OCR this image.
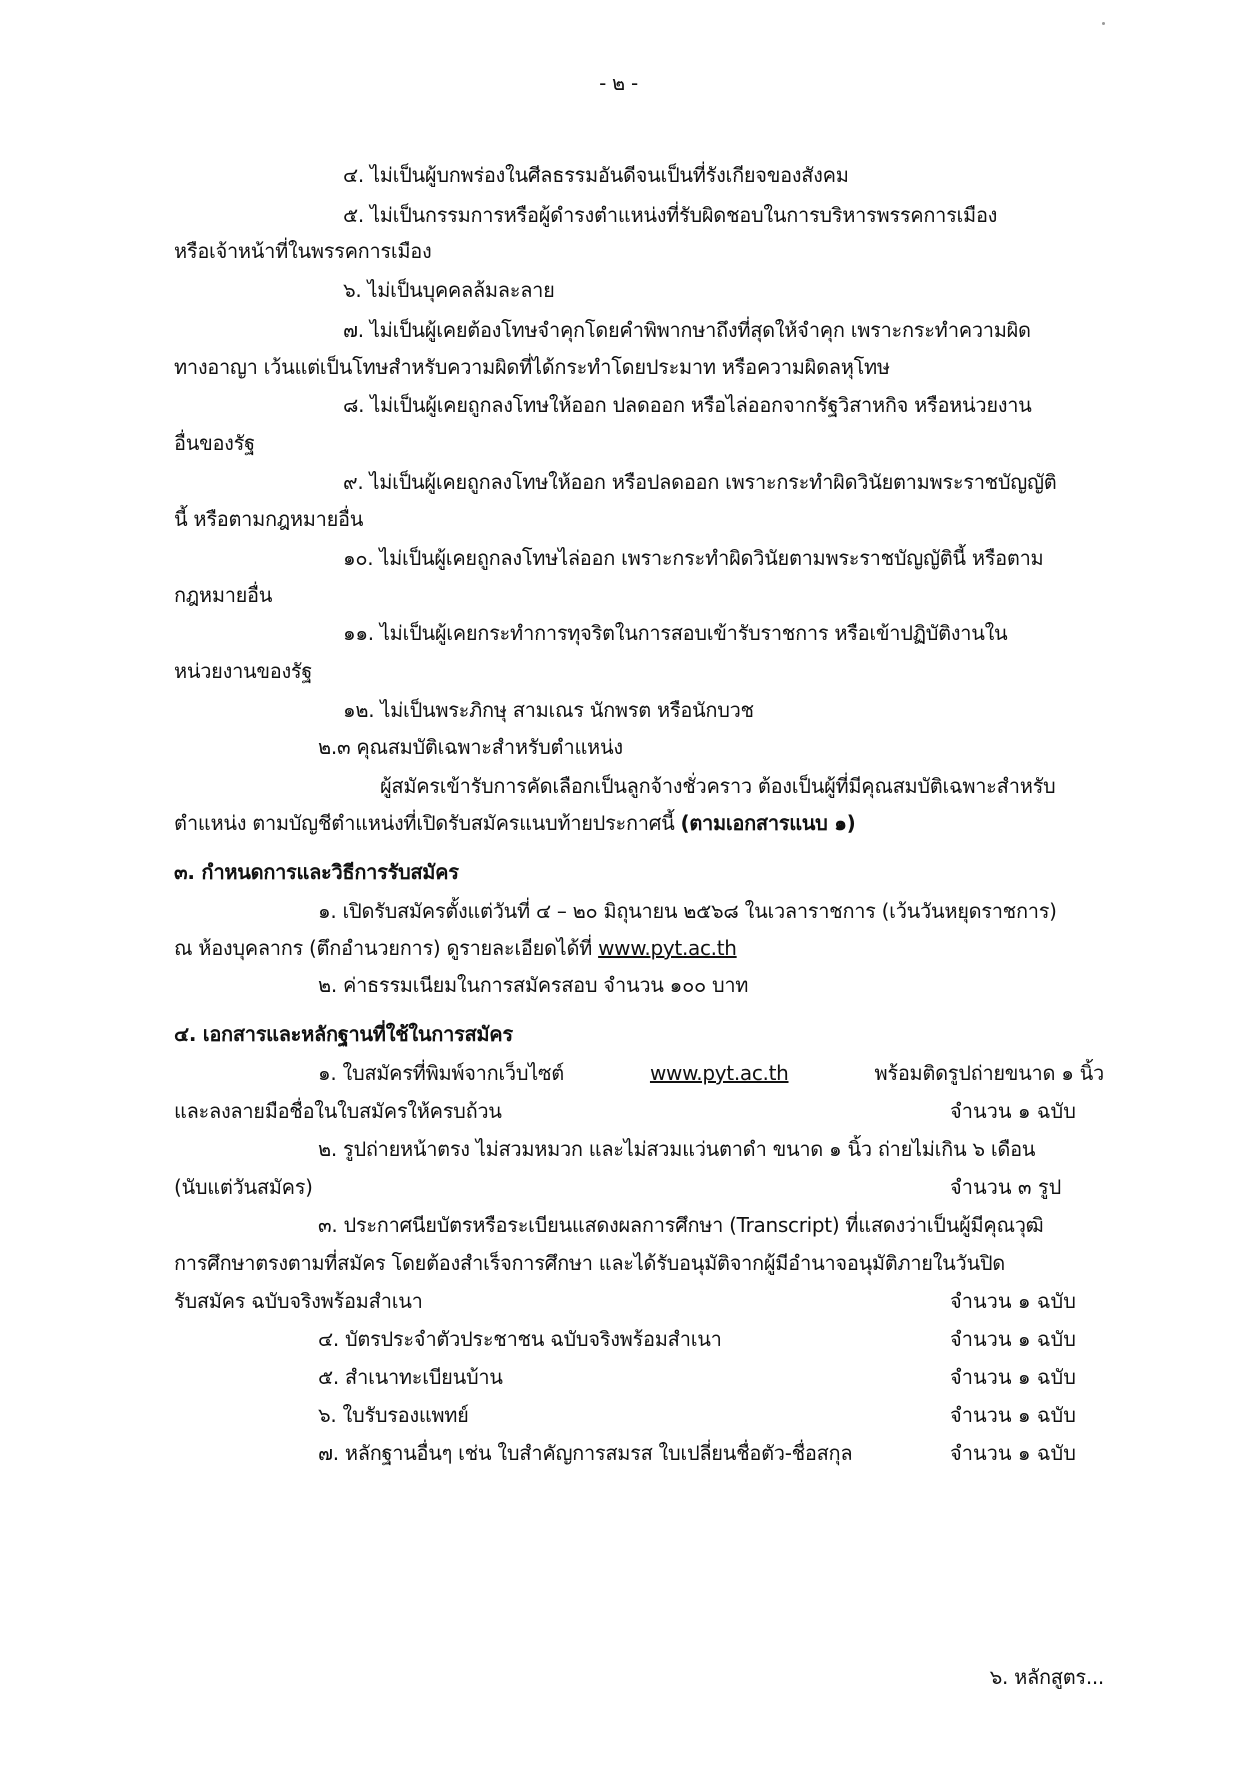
- ๒ -
๔. ไม่เป็นผู้บกพร่องในศีลธรรมอันดีจนเป็นที่รังเกียจของสังคม
๕. ไม่เป็นกรรมการหรือผู้ดำรงตำแหน่งที่รับผิดชอบในการบริหารพรรคการเมือง
หรือเจ้าหน้าที่ในพรรคการเมือง
๖. ไม่เป็นบุคคลล้มละลาย
๗. ไม่เป็นผู้เคยต้องโทษจำคุกโดยคำพิพากษาถึงที่สุดให้จำคุก เพราะกระทำความผิด
ทางอาญา เว้นแต่เป็นโทษสำหรับความผิดที่ได้กระทำโดยประมาท หรือความผิดลหุโทษ
๘. ไม่เป็นผู้เคยถูกลงโทษให้ออก ปลดออก หรือไล่ออกจากรัฐวิสาหกิจ หรือหน่วยงาน
อื่นของรัฐ
๙. ไม่เป็นผู้เคยถูกลงโทษให้ออก หรือปลดออก เพราะกระทำผิดวินัยตามพระราชบัญญัติ
นี้ หรือตามกฎหมายอื่น
๑๐. ไม่เป็นผู้เคยถูกลงโทษไล่ออก เพราะกระทำผิดวินัยตามพระราชบัญญัตินี้ หรือตาม
กฎหมายอื่น
๑๑. ไม่เป็นผู้เคยกระทำการทุจริตในการสอบเข้ารับราชการ หรือเข้าปฏิบัติงานใน
หน่วยงานของรัฐ
๑๒. ไม่เป็นพระภิกษุ สามเณร นักพรต หรือนักบวช
๒.๓ คุณสมบัติเฉพาะสำหรับตำแหน่ง
ผู้สมัครเข้ารับการคัดเลือกเป็นลูกจ้างชั่วคราว ต้องเป็นผู้ที่มีคุณสมบัติเฉพาะสำหรับ
ตำแหน่ง ตามบัญชีตำแหน่งที่เปิดรับสมัครแนบท้ายประกาศนี้ (ตามเอกสารแนบ ๑)
๓. กำหนดการและวิธีการรับสมัคร
๑. เปิดรับสมัครตั้งแต่วันที่ ๔ – ๒๐ มิถุนายน ๒๕๖๘ ในเวลาราชการ (เว้นวันหยุดราชการ)
ณ ห้องบุคลากร (ตึกอำนวยการ) ดูรายละเอียดได้ที่ www.pyt.ac.th
๒. ค่าธรรมเนียมในการสมัครสอบ จำนวน ๑๐๐ บาท
๔. เอกสารและหลักฐานที่ใช้ในการสมัคร
๑. ใบสมัครที่พิมพ์จากเว็บไซต์	www.pyt.ac.th	พร้อมติดรูปถ่ายขนาด ๑ นิ้ว
และลงลายมือชื่อในใบสมัครให้ครบถ้วน	จำนวน ๑ ฉบับ
๒. รูปถ่ายหน้าตรง ไม่สวมหมวก และไม่สวมแว่นตาดำ ขนาด ๑ นิ้ว ถ่ายไม่เกิน ๖ เดือน
(นับแต่วันสมัคร)	จำนวน ๓ รูป
๓. ประกาศนียบัตรหรือระเบียนแสดงผลการศึกษา (Transcript) ที่แสดงว่าเป็นผู้มีคุณวุฒิ
การศึกษาตรงตามที่สมัคร โดยต้องสำเร็จการศึกษา และได้รับอนุมัติจากผู้มีอำนาจอนุมัติภายในวันปิด
รับสมัคร ฉบับจริงพร้อมสำเนา	จำนวน ๑ ฉบับ
๔. บัตรประจำตัวประชาชน ฉบับจริงพร้อมสำเนา	จำนวน ๑ ฉบับ
๕. สำเนาทะเบียนบ้าน	จำนวน ๑ ฉบับ
๖. ใบรับรองแพทย์	จำนวน ๑ ฉบับ
๗. หลักฐานอื่นๆ เช่น ใบสำคัญการสมรส ใบเปลี่ยนชื่อตัว-ชื่อสกุล	จำนวน ๑ ฉบับ
๖. หลักสูตร...
